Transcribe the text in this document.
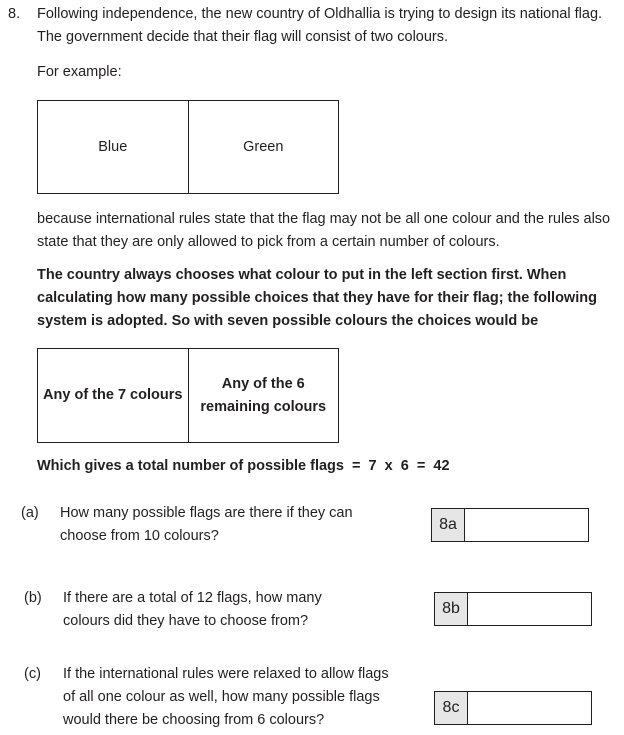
8. Following independence, the new country of Oldhallia is trying to design its national flag.
The government decide that their flag will consist of two colours.
For example:
Blue	Green
because international rules state that the flag may not be all one colour and the rules also
state that they are only allowed to pick from a certain number of colours.
The country always chooses what colour to put in the left section first. When
calculating how many possible choices that they have for their flag; the following
system is adopted. So with seven possible colours the choices would be
Any of the 7 colours
Any of the 6
remaining colours
Which gives a total number of possible flags  =  7  x  6  =  42
(a) How many possible flags are there if they can
choose from 10 colours?
8a
(b) If there are a total of 12 flags, how many
colours did they have to choose from?
8b
(c) If the international rules were relaxed to allow flags
of all one colour as well, how many possible flags
would there be choosing from 6 colours?
8c
